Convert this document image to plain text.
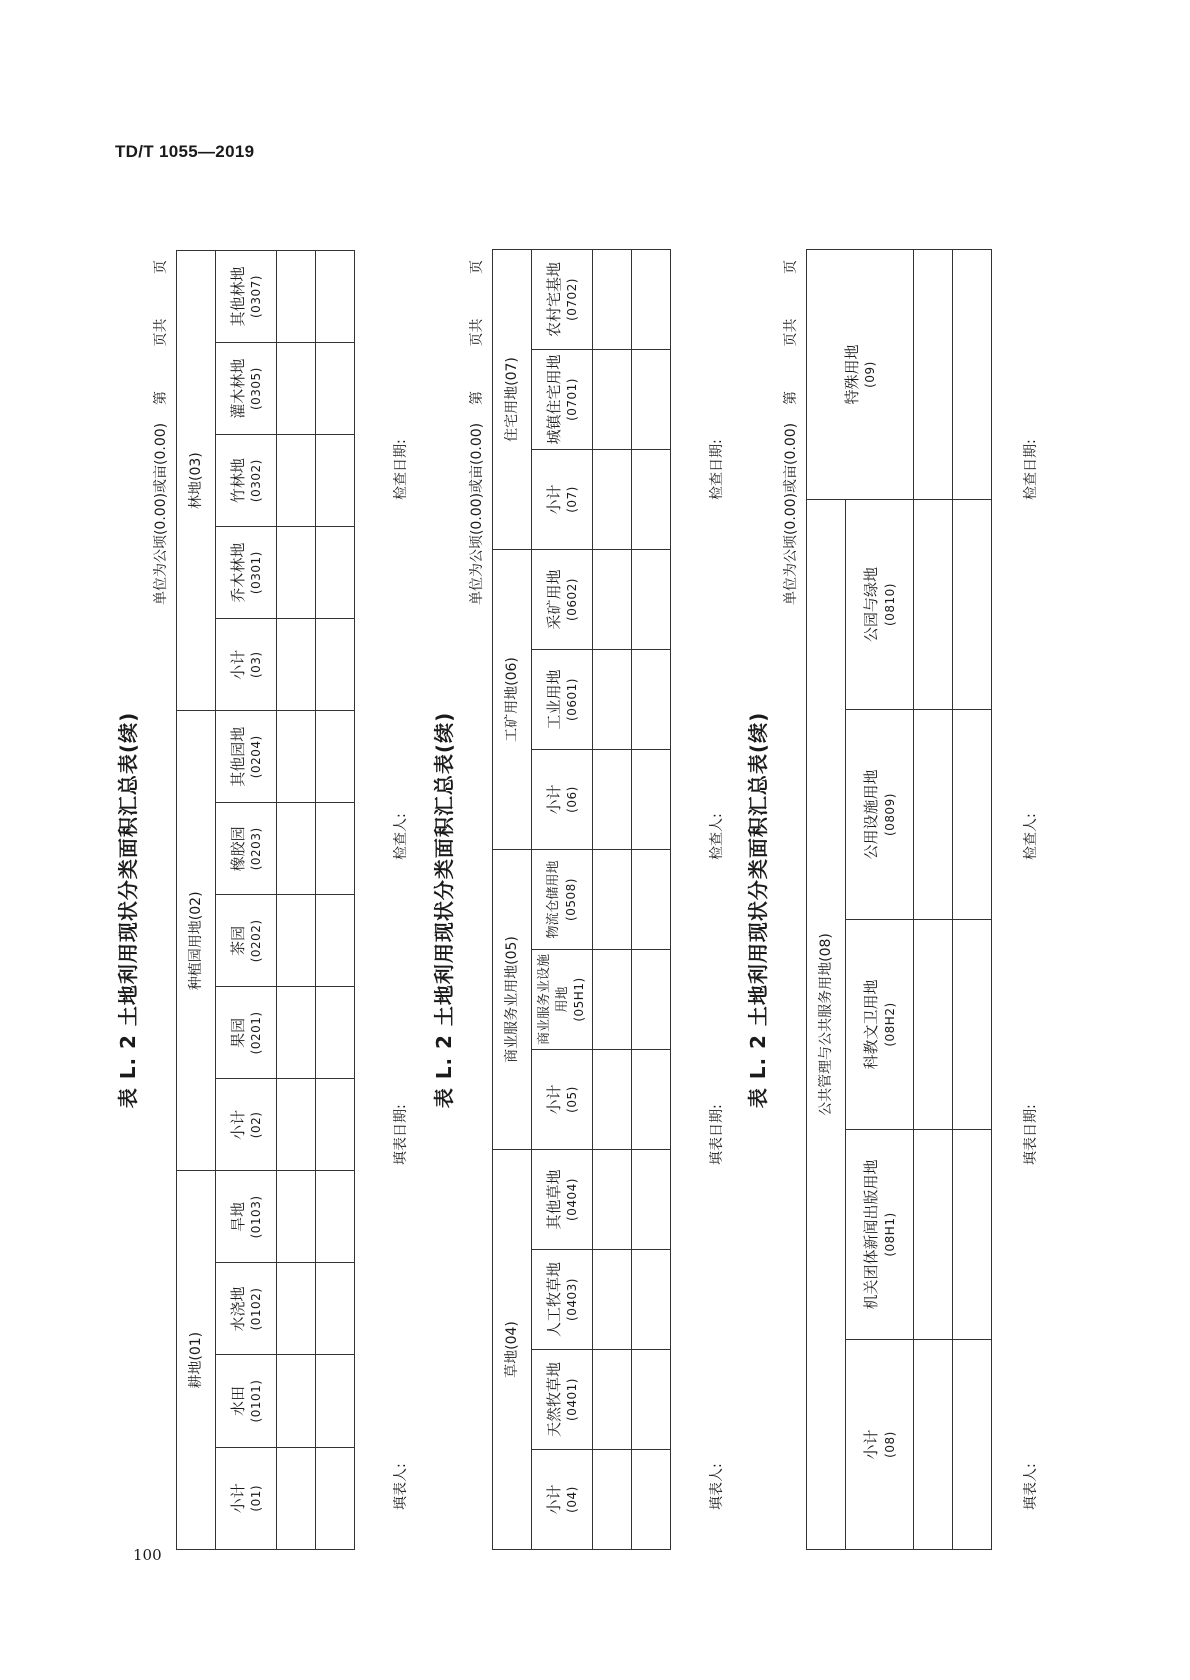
TD/T 1055—2019
100
表 L. 2 土地利用现状分类面积汇总表(续)
单位为公顷(0.00)或亩(0.00)    第          页共          页
耕地(01)				种植园用地(02)					林地(03)				

小计 (01)	水田 (0101)	水浇地 (0102)	旱地 (0103)	小计 (02)	果园 (0201)	茶园 (0202)	橡胶园 (0203)	其他园地 (0204)	小计 (03)	乔木林地 (0301)	竹林地 (0302)	灌木林地 (0305)	其他林地 (0307)

填表人:
填表日期:
检查人:
检查日期:
表 L. 2 土地利用现状分类面积汇总表(续)
单位为公顷(0.00)或亩(0.00)    第          页共          页
草地(04)				商业服务业用地(05)			工矿用地(06)			住宅用地(07)		

小计 (04)	天然牧草地 (0401)	人工牧草地 (0403)	其他草地 (0404)	小计 (05)	商业服务业设施用地 (05H1)	物流仓储用地 (0508)	小计 (06)	工业用地 (0601)	采矿用地 (0602)	小计 (07)	城镇住宅用地 (0701)	农村宅基地 (0702)

填表人:
填表日期:
检查人:
检查日期:
表 L. 2 土地利用现状分类面积汇总表(续)
单位为公顷(0.00)或亩(0.00)    第          页共          页
公共管理与公共服务用地(08)					特殊用地 (09)

小计 (08)	机关团体新闻出版用地 (08H1)	科教文卫用地 (08H2)	公用设施用地 (0809)	公园与绿地 (0810)	

填表人:
填表日期:
检查人:
检查日期:
